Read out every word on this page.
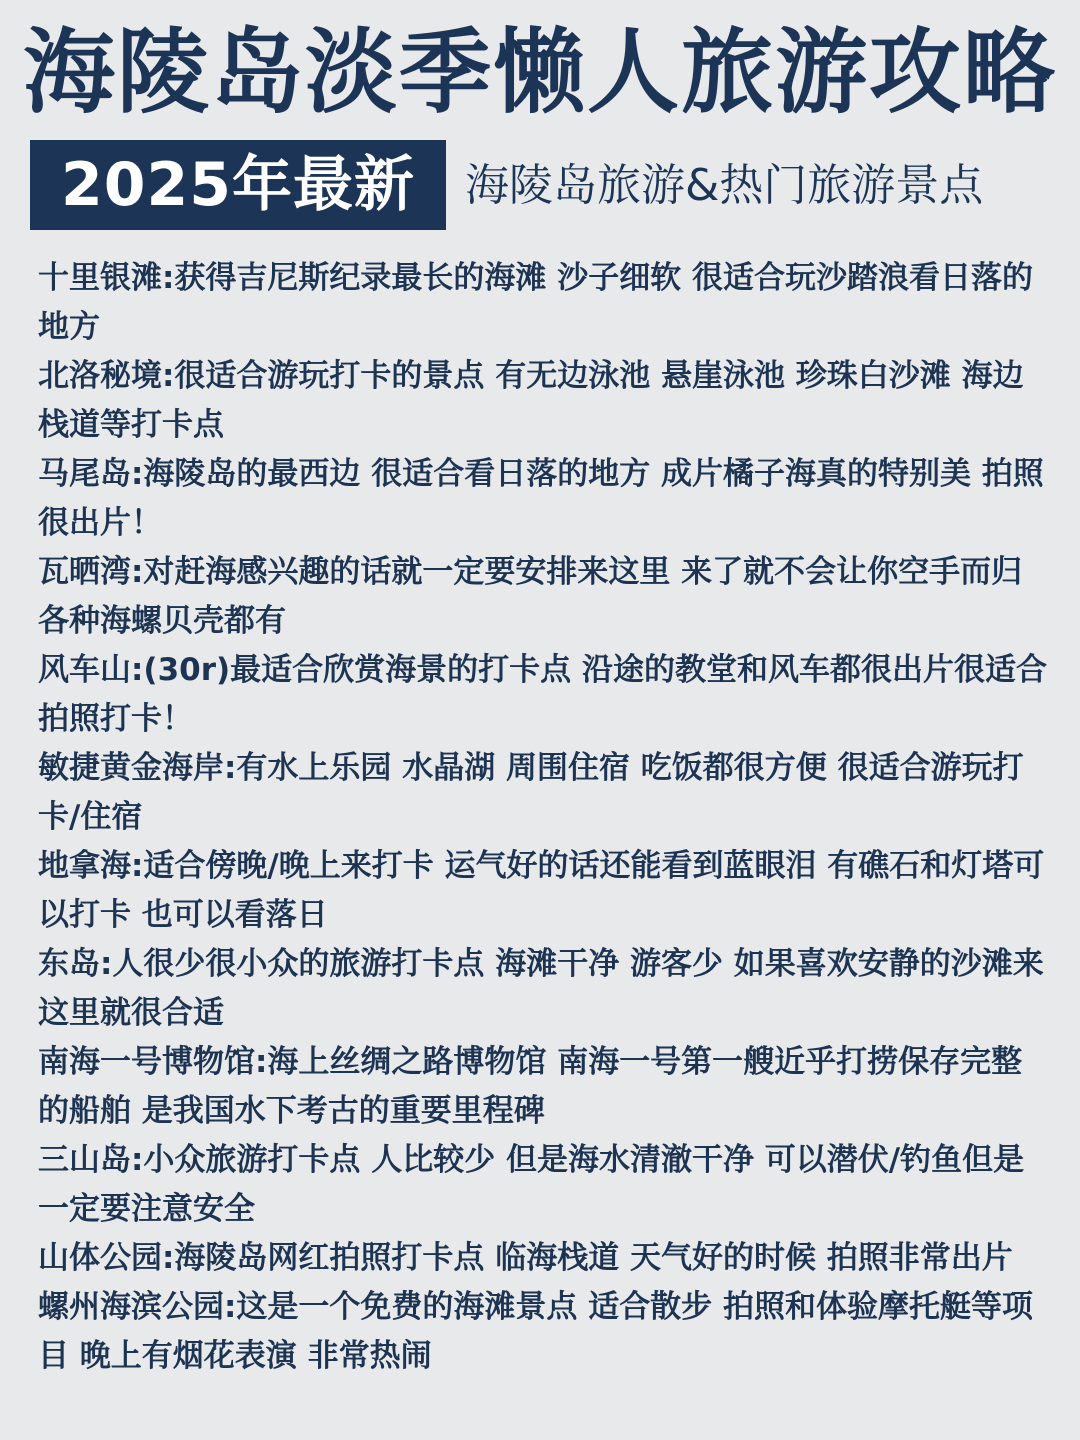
海陵岛淡季懒人旅游攻略
2025年最新	海陵岛旅游&热门旅游景点
十里银滩:获得吉尼斯纪录最长的海滩 沙子细软 很适合玩沙踏浪看日落的地方
北洛秘境:很适合游玩打卡的景点 有无边泳池 悬崖泳池 珍珠白沙滩 海边栈道等打卡点
马尾岛:海陵岛的最西边 很适合看日落的地方 成片橘子海真的特别美 拍照很出片！
瓦晒湾:对赶海感兴趣的话就一定要安排来这里 来了就不会让你空手而归 各种海螺贝壳都有
风车山:(30r)最适合欣赏海景的打卡点 沿途的教堂和风车都很出片很适合拍照打卡！
敏捷黄金海岸:有水上乐园 水晶湖 周围住宿 吃饭都很方便 很适合游玩打卡/住宿
地拿海:适合傍晚/晚上来打卡 运气好的话还能看到蓝眼泪 有礁石和灯塔可以打卡 也可以看落日
东岛:人很少很小众的旅游打卡点 海滩干净 游客少 如果喜欢安静的沙滩来这里就很合适
南海一号博物馆:海上丝绸之路博物馆 南海一号第一艘近乎打捞保存完整的船舶 是我国水下考古的重要里程碑
三山岛:小众旅游打卡点 人比较少 但是海水清澈干净 可以潜伏/钓鱼但是一定要注意安全
山体公园:海陵岛网红拍照打卡点 临海栈道 天气好的时候 拍照非常出片
螺州海滨公园:这是一个免费的海滩景点 适合散步 拍照和体验摩托艇等项目 晚上有烟花表演 非常热闹
